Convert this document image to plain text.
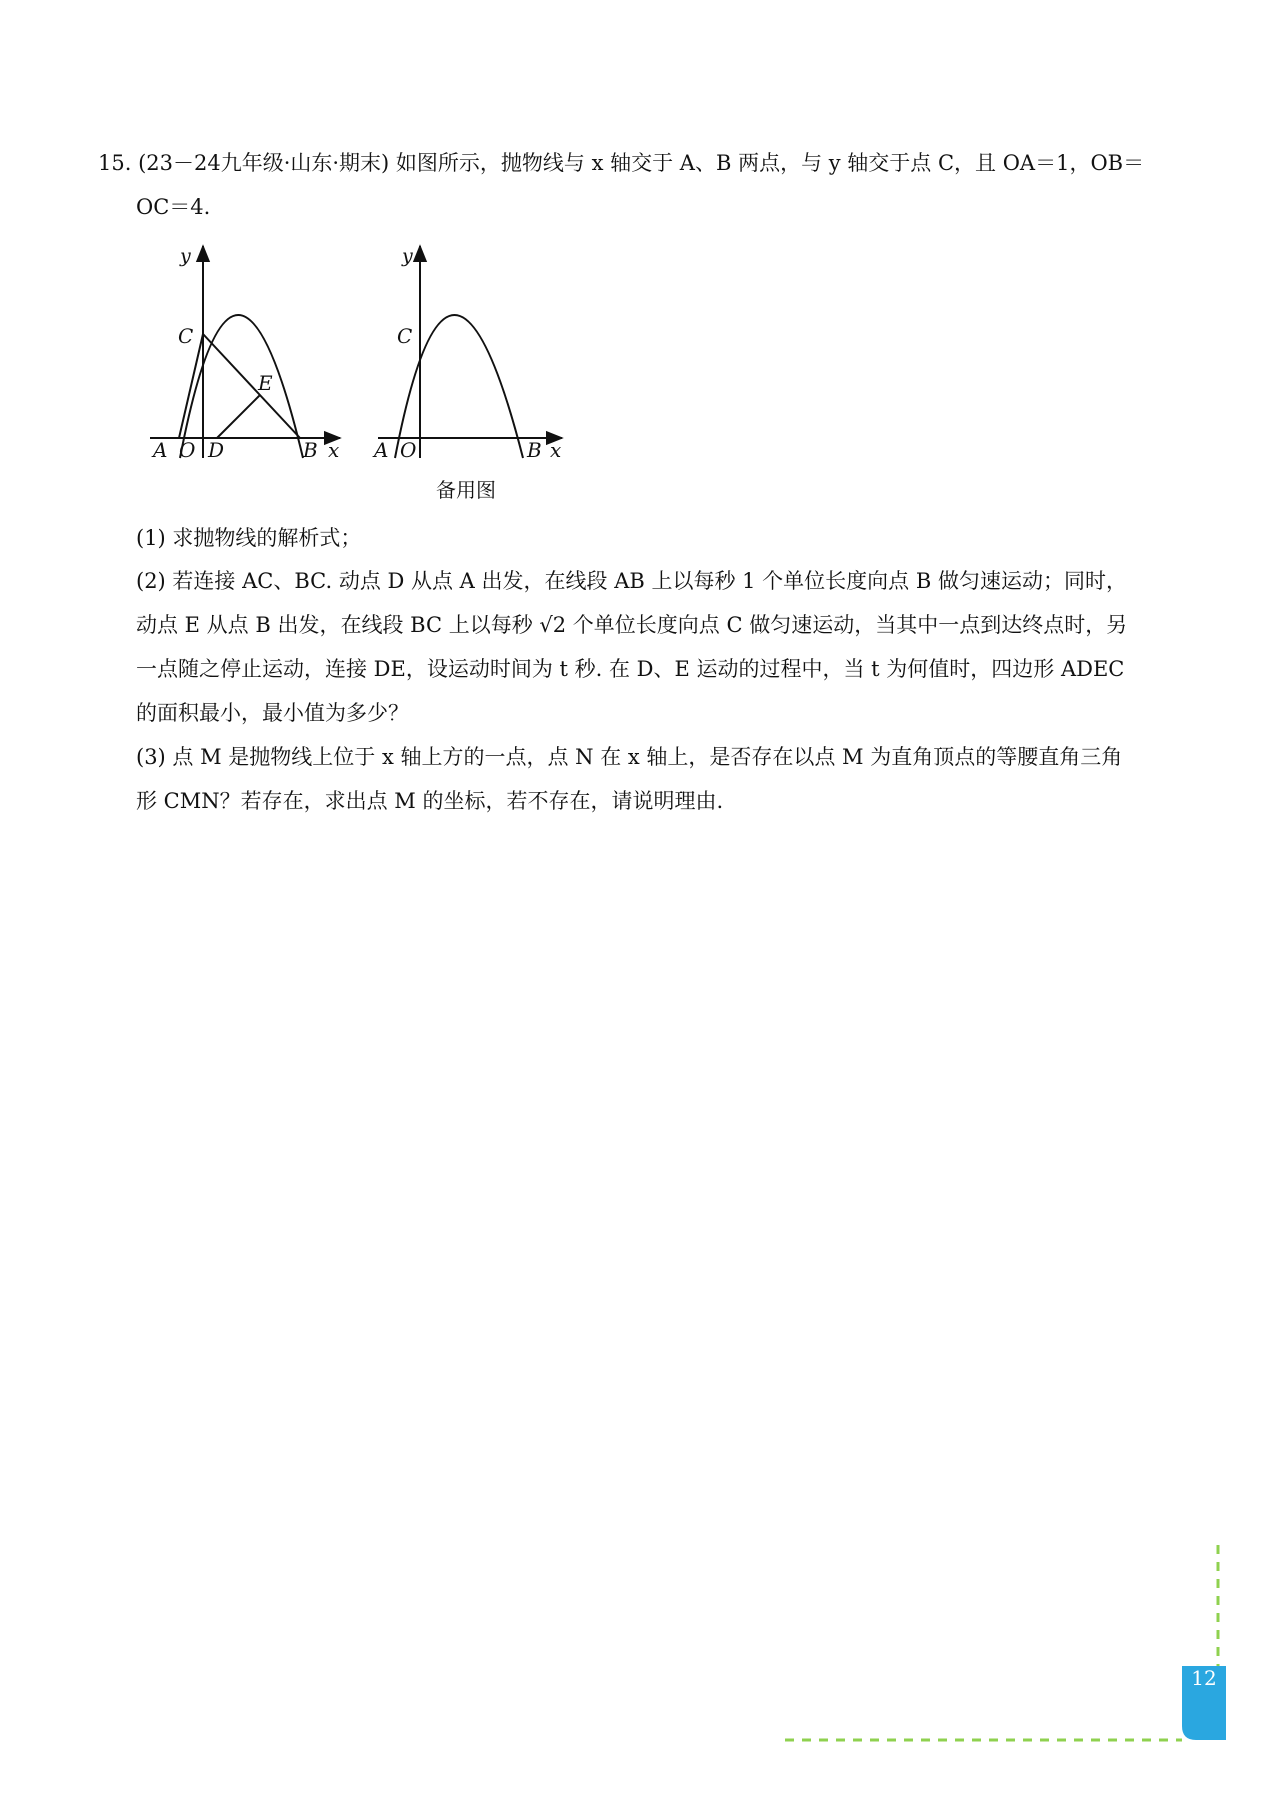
15. (23－24九年级·山东·期末) 如图所示，抛物线与 x 轴交于 A、B 两点，与 y 轴交于点 C，且 OA＝1，OB＝
OC＝4.
y
C
E
A O D	B x
y
C
A O	B x
备用图
(1) 求抛物线的解析式；
(2) 若连接 AC、BC. 动点 D 从点 A 出发，在线段 AB 上以每秒 1 个单位长度向点 B 做匀速运动；同时，
动点 E 从点 B 出发，在线段 BC 上以每秒 √2 个单位长度向点 C 做匀速运动，当其中一点到达终点时，另
一点随之停止运动，连接 DE，设运动时间为 t 秒. 在 D、E 运动的过程中，当 t 为何值时，四边形 ADEC
的面积最小，最小值为多少？
(3) 点 M 是抛物线上位于 x 轴上方的一点，点 N 在 x 轴上，是否存在以点 M 为直角顶点的等腰直角三角
形 CMN？若存在，求出点 M 的坐标，若不存在，请说明理由.
12
